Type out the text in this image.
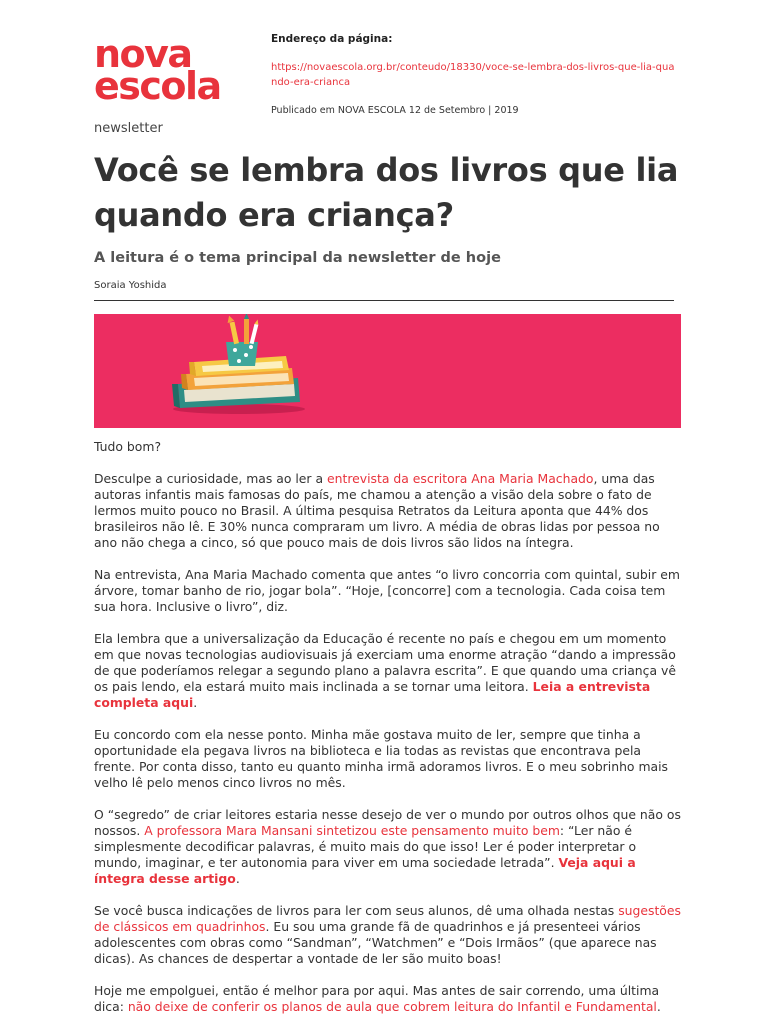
nova
escola
Endereço da página:
https://novaescola.org.br/conteudo/18330/voce-se-lembra-dos-livros-que-lia-quando-era-crianca
Publicado em NOVA ESCOLA 12 de Setembro | 2019
newsletter
Você se lembra dos livros que lia quando era criança?
A leitura é o tema principal da newsletter de hoje
Soraia Yoshida

Tudo bom?

Desculpe a curiosidade, mas ao ler a entrevista da escritora Ana Maria Machado, uma das autoras infantis mais famosas do país, me chamou a atenção a visão dela sobre o fato de lermos muito pouco no Brasil. A última pesquisa Retratos da Leitura aponta que 44% dos brasileiros não lê. E 30% nunca compraram um livro. A média de obras lidas por pessoa no ano não chega a cinco, só que pouco mais de dois livros são lidos na íntegra.

Na entrevista, Ana Maria Machado comenta que antes “o livro concorria com quintal, subir em árvore, tomar banho de rio, jogar bola”. “Hoje, [concorre] com a tecnologia. Cada coisa tem sua hora. Inclusive o livro”, diz.

Ela lembra que a universalização da Educação é recente no país e chegou em um momento em que novas tecnologias audiovisuais já exerciam uma enorme atração “dando a impressão de que poderíamos relegar a segundo plano a palavra escrita”. E que quando uma criança vê os pais lendo, ela estará muito mais inclinada a se tornar uma leitora. Leia a entrevista completa aqui.

Eu concordo com ela nesse ponto. Minha mãe gostava muito de ler, sempre que tinha a oportunidade ela pegava livros na biblioteca e lia todas as revistas que encontrava pela frente. Por conta disso, tanto eu quanto minha irmã adoramos livros. E o meu sobrinho mais velho lê pelo menos cinco livros no mês.

O “segredo” de criar leitores estaria nesse desejo de ver o mundo por outros olhos que não os nossos. A professora Mara Mansani sintetizou este pensamento muito bem: “Ler não é simplesmente decodificar palavras, é muito mais do que isso! Ler é poder interpretar o mundo, imaginar, e ter autonomia para viver em uma sociedade letrada”. Veja aqui a íntegra desse artigo.

Se você busca indicações de livros para ler com seus alunos, dê uma olhada nestas sugestões de clássicos em quadrinhos. Eu sou uma grande fã de quadrinhos e já presenteei vários adolescentes com obras como “Sandman”, “Watchmen” e “Dois Irmãos” (que aparece nas dicas). As chances de despertar a vontade de ler são muito boas!

Hoje me empolguei, então é melhor para por aqui. Mas antes de sair correndo, uma última dica: não deixe de conferir os planos de aula que cobrem leitura do Infantil e Fundamental.
